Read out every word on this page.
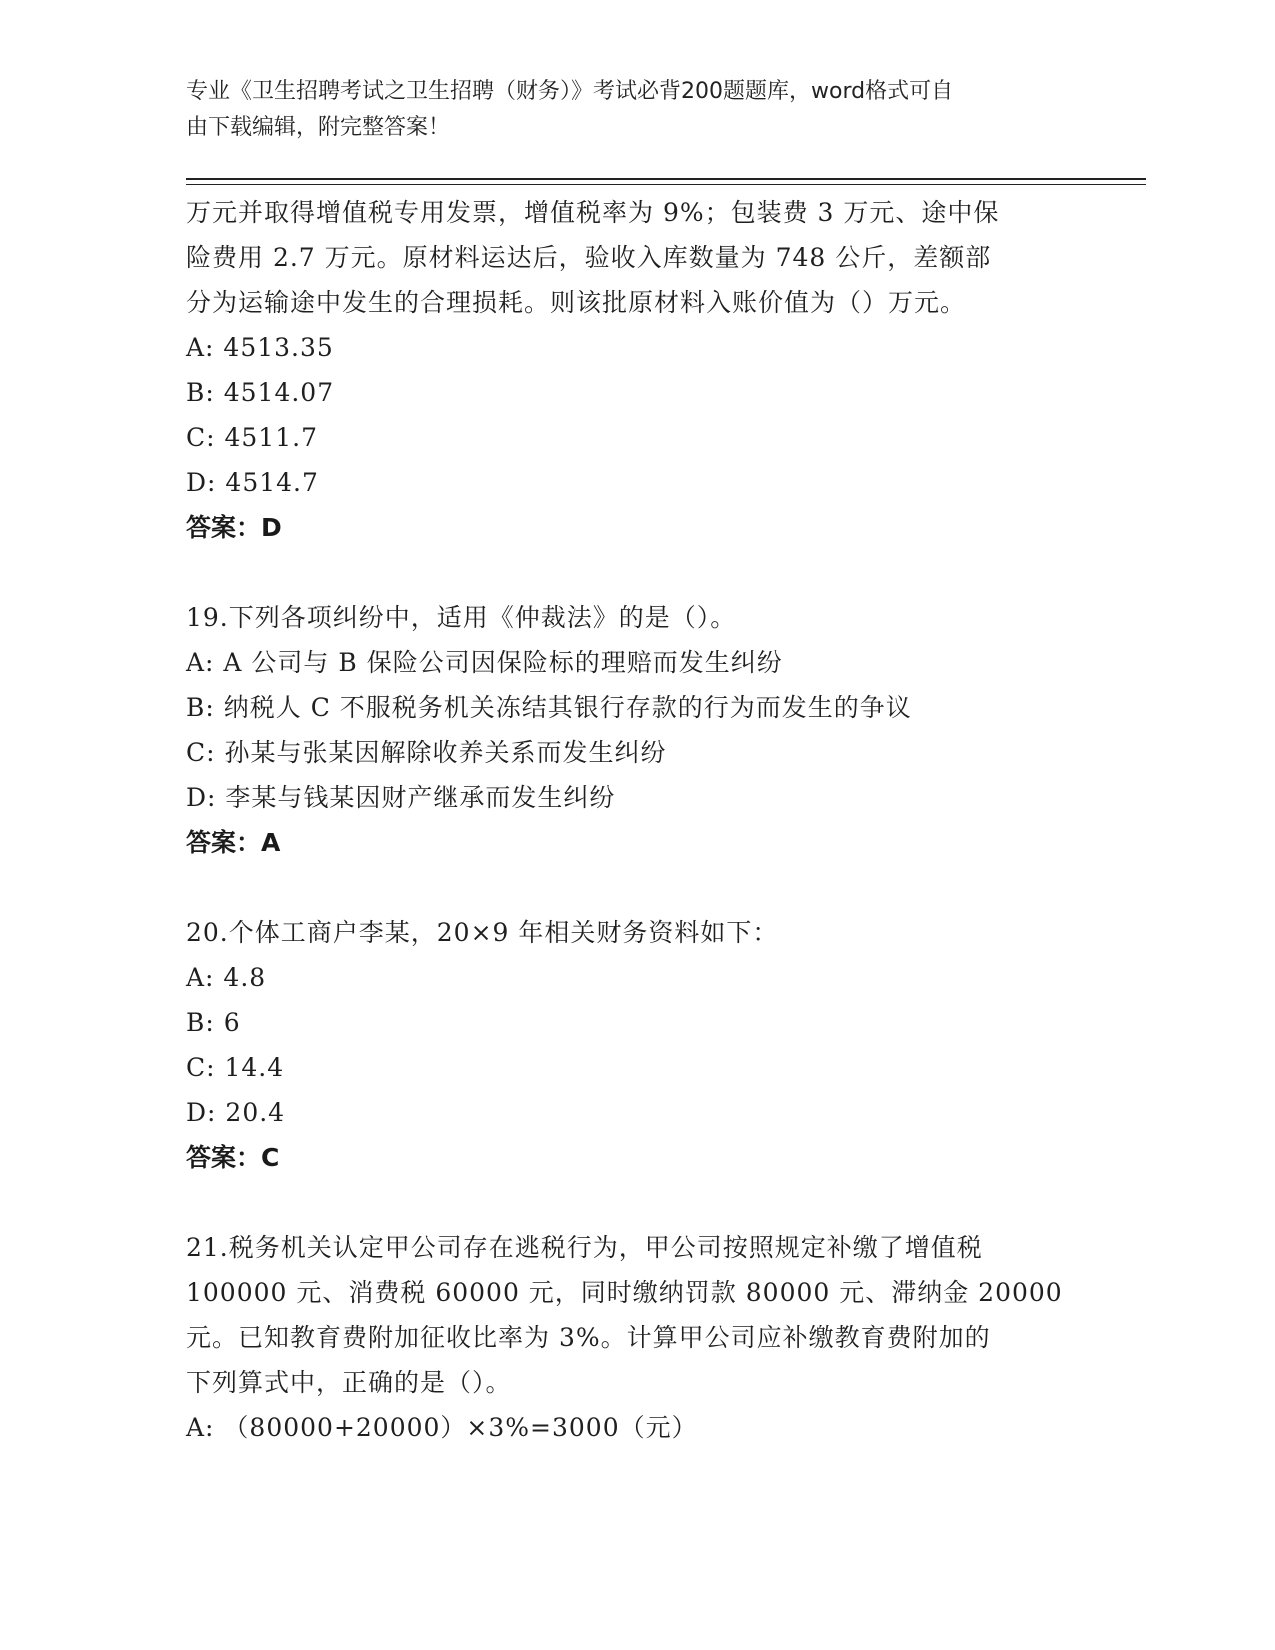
专业《卫生招聘考试之卫生招聘（财务）》考试必背200题题库，word格式可自
由下载编辑，附完整答案！
万元并取得增值税专用发票，增值税率为 9%；包装费 3 万元、途中保
险费用 2.7 万元。原材料运达后，验收入库数量为 748 公斤，差额部
分为运输途中发生的合理损耗。则该批原材料入账价值为（）万元。
A: 4513.35
B: 4514.07
C: 4511.7
D: 4514.7
答案：D
19.下列各项纠纷中，适用《仲裁法》的是（）。
A: A 公司与 B 保险公司因保险标的理赔而发生纠纷
B: 纳税人 C 不服税务机关冻结其银行存款的行为而发生的争议
C: 孙某与张某因解除收养关系而发生纠纷
D: 李某与钱某因财产继承而发生纠纷
答案：A
20.个体工商户李某，20×9 年相关财务资料如下：
A: 4.8
B: 6
C: 14.4
D: 20.4
答案：C
21.税务机关认定甲公司存在逃税行为，甲公司按照规定补缴了增值税
100000 元、消费税 60000 元，同时缴纳罚款 80000 元、滞纳金 20000
元。已知教育费附加征收比率为 3%。计算甲公司应补缴教育费附加的
下列算式中，正确的是（）。
A: （80000+20000）×3%=3000（元）
